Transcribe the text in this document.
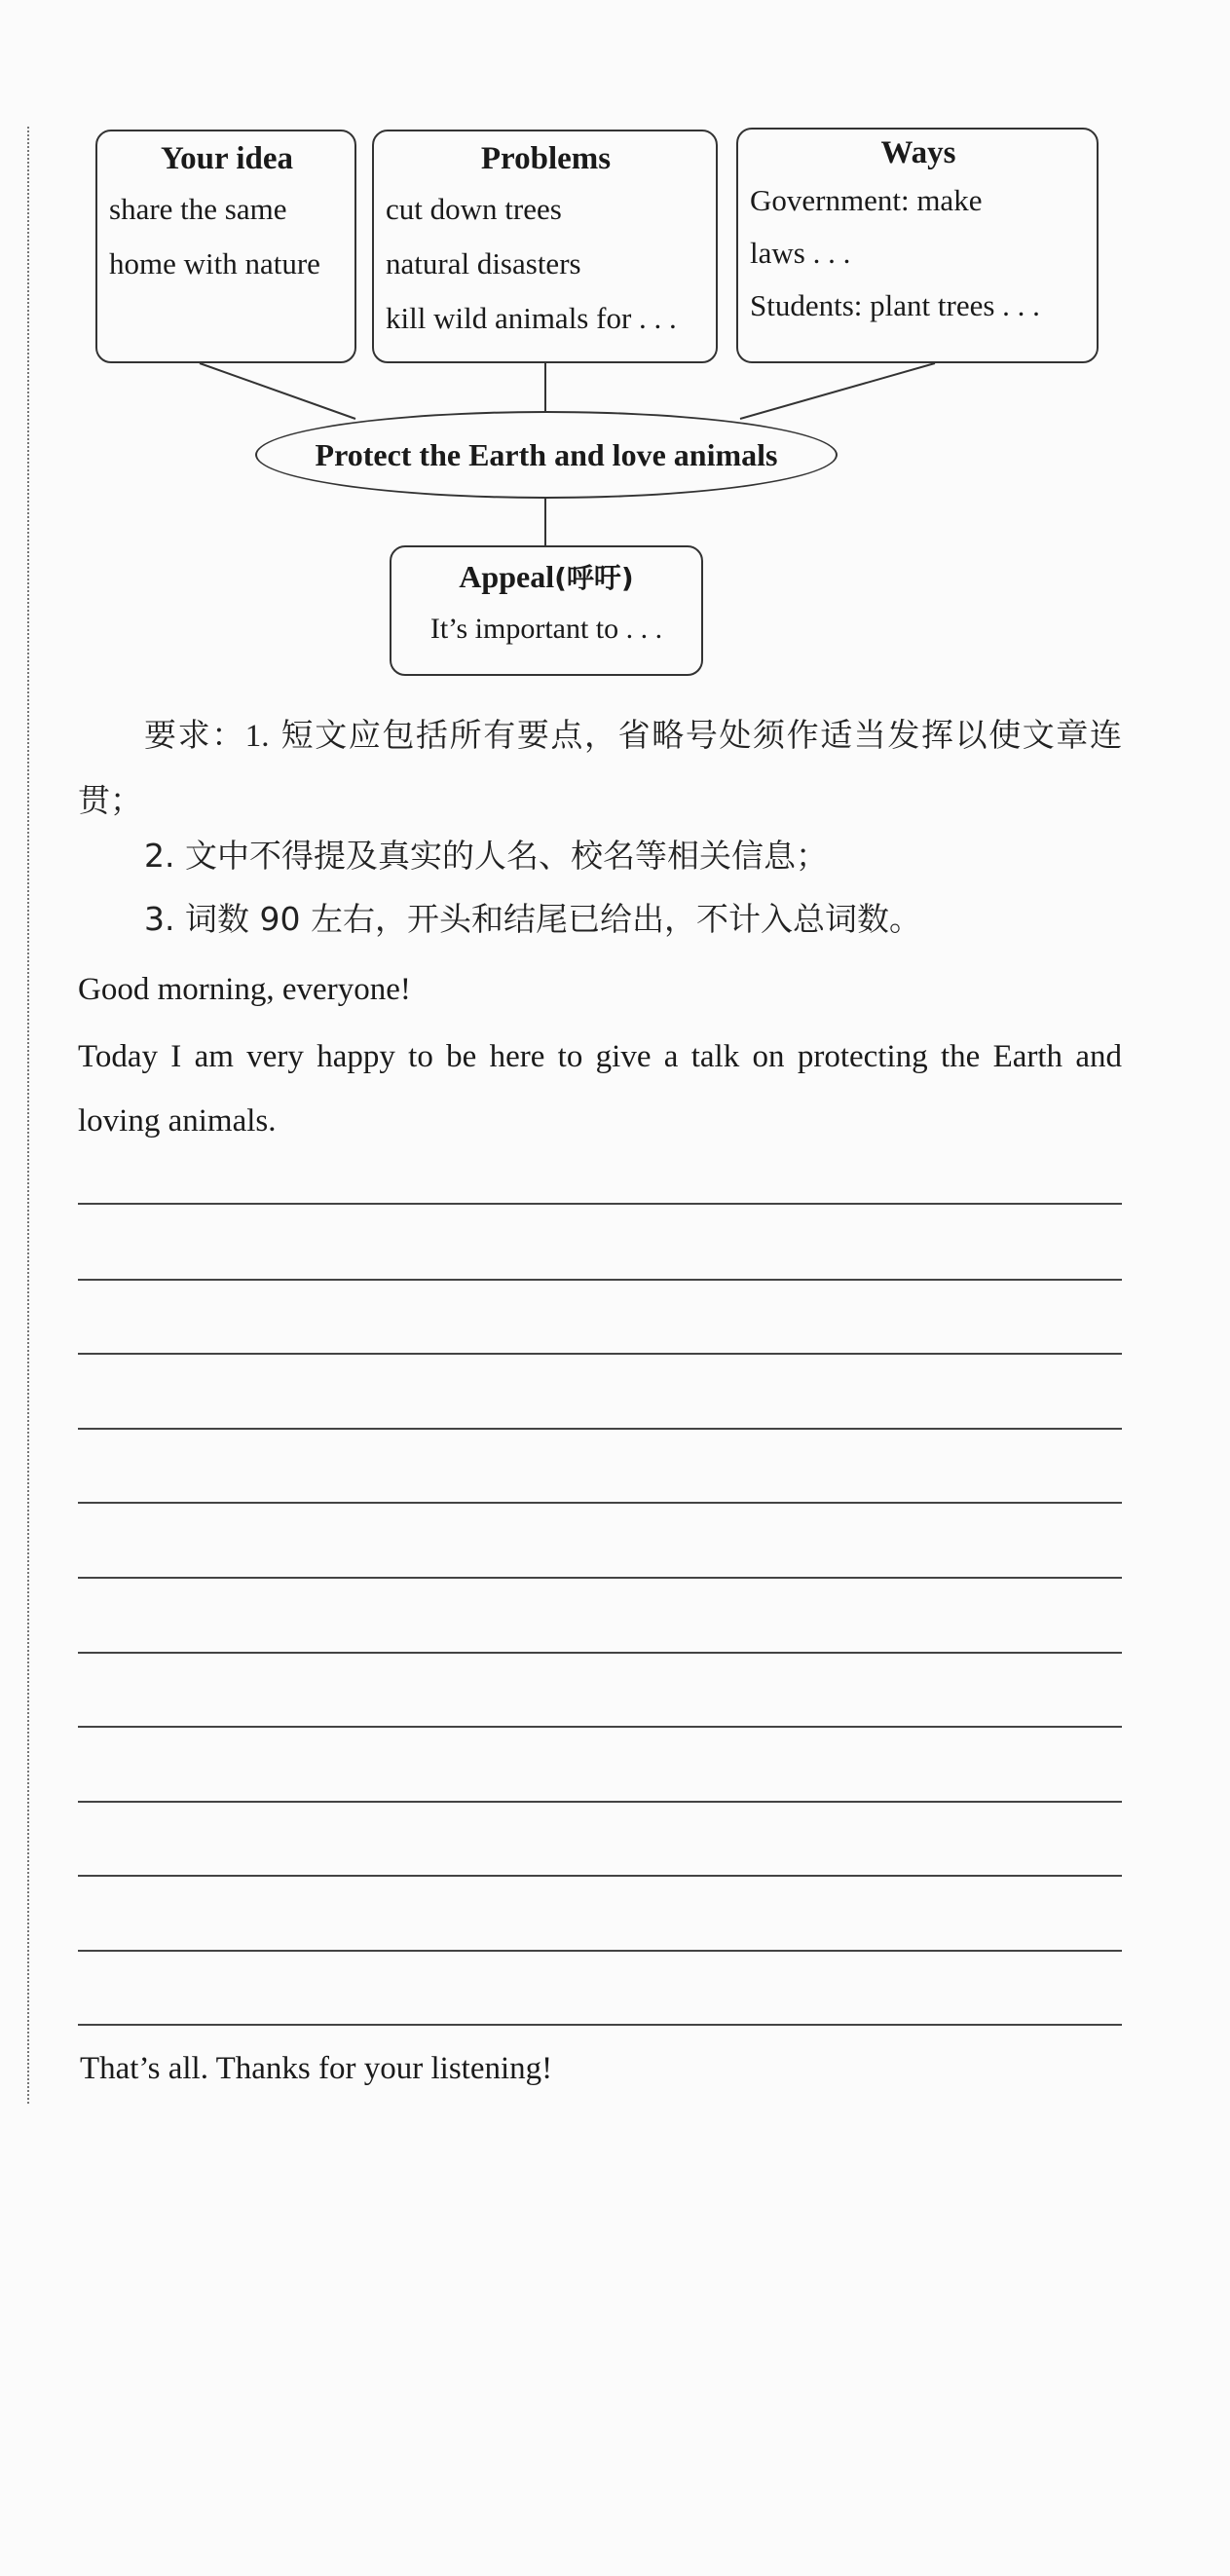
Your idea
share the same
home with nature
Problems
cut down trees
natural disasters
kill wild animals for . . .
Ways
Government: make
laws . . .
Students: plant trees . . .
Protect the Earth and love animals
Appeal(呼吁)
It’s important to . . .
要求：1. 短文应包括所有要点，省略号处须作适当发挥以使文章连贯；
2. 文中不得提及真实的人名、校名等相关信息；
3. 词数 90 左右，开头和结尾已给出，不计入总词数。
Good morning, everyone!
Today I am very happy to be here to give a talk on protecting the Earth and loving animals.
That’s all. Thanks for your listening!
